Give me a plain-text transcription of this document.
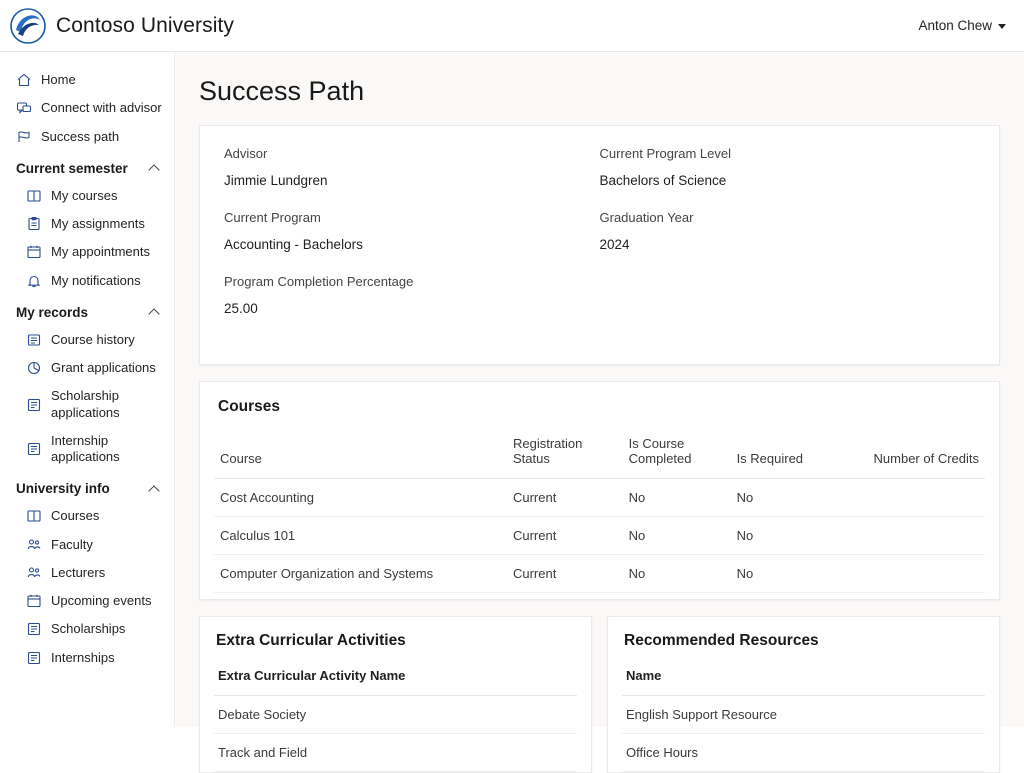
Contoso University	Anton Chew
Home
Connect with advisor
Success path
Current semester
My courses
My assignments
My appointments
My notifications
My records
Course history
Grant applications
Scholarship applications
Internship applications
University info
Courses
Faculty
Lecturers
Upcoming events
Scholarships
Internships
Success Path
Advisor
Jimmie Lundgren
Current Program
Accounting - Bachelors
Program Completion Percentage
25.00
Current Program Level
Bachelors of Science
Graduation Year
2024
Courses
Course	Registration Status	Is Course Completed	Is Required	Number of Credits
Cost Accounting	Current	No	No	
Calculus 101	Current	No	No	
Computer Organization and Systems	Current	No	No	
Extra Curricular Activities
Extra Curricular Activity Name
Debate Society
Track and Field
Recommended Resources
Name
English Support Resource
Office Hours
